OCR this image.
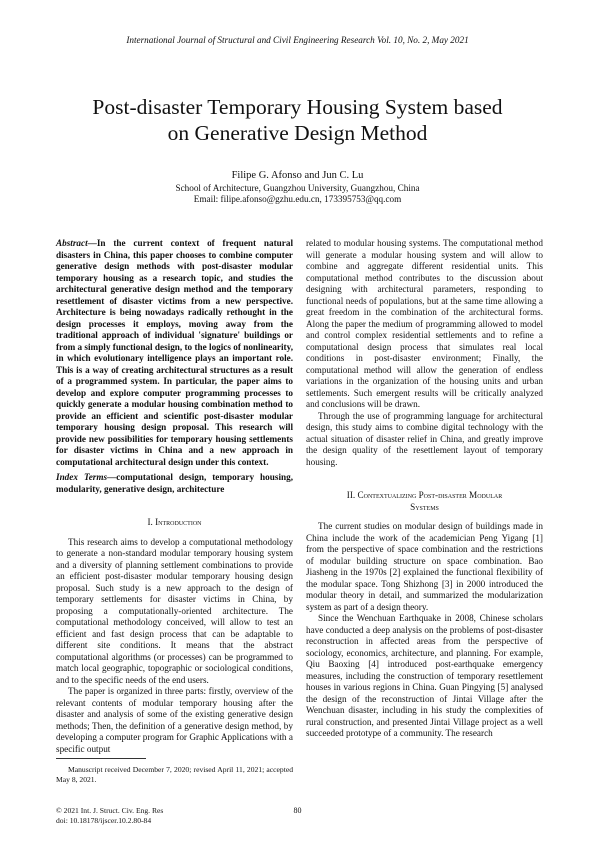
International Journal of Structural and Civil Engineering Research Vol. 10, No. 2, May 2021
Post-disaster Temporary Housing System based
on Generative Design Method
Filipe G. Afonso and Jun C. Lu
School of Architecture, Guangzhou University, Guangzhou, China
Email: filipe.afonso@gzhu.edu.cn, 173395753@qq.com

Abstract—In the current context of frequent natural disasters in China, this paper chooses to combine computer generative design methods with post-disaster modular temporary housing as a research topic, and studies the architectural generative design method and the temporary resettlement of disaster victims from a new perspective. Architecture is being nowadays radically rethought in the design processes it employs, moving away from the traditional approach of individual 'signature' buildings or from a simply functional design, to the logics of nonlinearity, in which evolutionary intelligence plays an important role. This is a way of creating architectural structures as a result of a programmed system. In particular, the paper aims to develop and explore computer programming processes to quickly generate a modular housing combination method to provide an efficient and scientific post-disaster modular temporary housing design proposal. This research will provide new possibilities for temporary housing settlements for disaster victims in China and a new approach in computational architectural design under this context.

Index Terms—computational design, temporary housing, modularity, generative design, architecture

I. Introduction

This research aims to develop a computational methodology to generate a non-standard modular temporary housing system and a diversity of planning settlement combinations to provide an efficient post-disaster modular temporary housing design proposal. Such study is a new approach to the design of temporary settlements for disaster victims in China, by proposing a computationally-oriented architecture. The computational methodology conceived, will allow to test an efficient and fast design process that can be adaptable to different site conditions. It means that the abstract computational algorithms (or processes) can be programmed to match local geographic, topographic or sociological conditions, and to the specific needs of the end users.

The paper is organized in three parts: firstly, overview of the relevant contents of modular temporary housing after the disaster and analysis of some of the existing generative design methods; Then, the definition of a generative design method, by developing a computer program for Graphic Applications with a specific output

related to modular housing systems. The computational method will generate a modular housing system and will allow to combine and aggregate different residential units. This computational method contributes to the discussion about designing with architectural parameters, responding to functional needs of populations, but at the same time allowing a great freedom in the combination of the architectural forms. Along the paper the medium of programming allowed to model and control complex residential settlements and to refine a computational design process that simulates real local conditions in post-disaster environment; Finally, the computational method will allow the generation of endless variations in the organization of the housing units and urban settlements. Such emergent results will be critically analyzed and conclusions will be drawn.

Through the use of programming language for architectural design, this study aims to combine digital technology with the actual situation of disaster relief in China, and greatly improve the design quality of the resettlement layout of temporary housing.

II. Contextualizing Post-disaster Modular
Systems

The current studies on modular design of buildings made in China include the work of the academician Peng Yigang [1] from the perspective of space combination and the restrictions of modular building structure on space combination. Bao Jiasheng in the 1970s [2] explained the functional flexibility of the modular space. Tong Shizhong [3] in 2000 introduced the modular theory in detail, and summarized the modularization system as part of a design theory.

Since the Wenchuan Earthquake in 2008, Chinese scholars have conducted a deep analysis on the problems of post-disaster reconstruction in affected areas from the perspective of sociology, economics, architecture, and planning. For example, Qiu Baoxing [4] introduced post-earthquake emergency measures, including the construction of temporary resettlement houses in various regions in China. Guan Pingying [5] analysed the design of the reconstruction of Jintai Village after the Wenchuan disaster, including in his study the complexities of rural construction, and presented Jintai Village project as a well succeeded prototype of a community. The research

Manuscript received December 7, 2020; revised April 11, 2021; accepted May 8, 2021.
© 2021 Int. J. Struct. Civ. Eng. Res
doi: 10.18178/ijscer.10.2.80-84
80
